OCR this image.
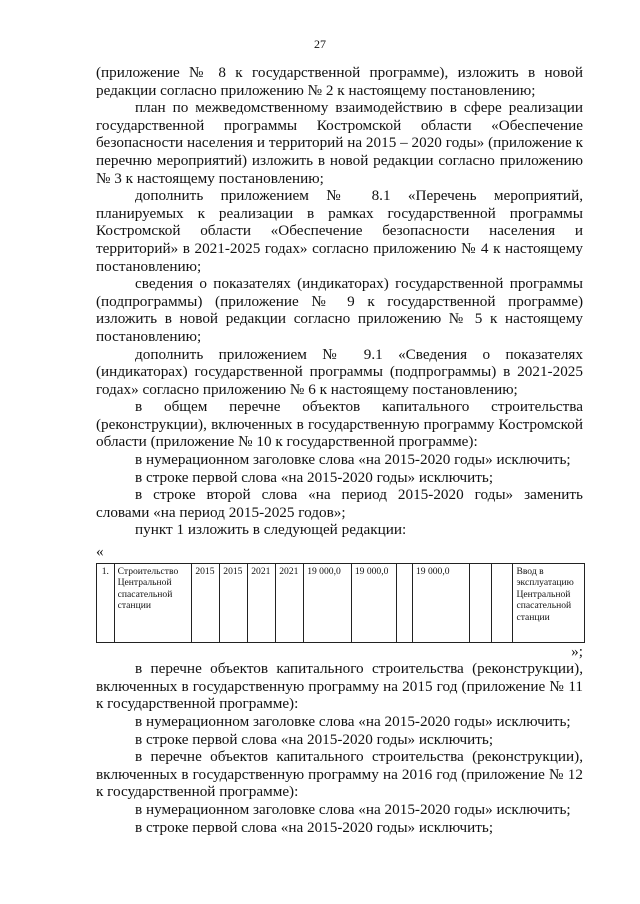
27

(приложение № 8 к государственной программе), изложить в новой редакции согласно приложению № 2 к настоящему постановлению;

план по межведомственному взаимодействию в сфере реализации государственной программы Костромской области «Обеспечение безопасности населения и территорий на 2015 – 2020 годы» (приложение к перечню мероприятий) изложить в новой редакции согласно приложению № 3 к настоящему постановлению;

дополнить приложением № 8.1 «Перечень мероприятий, планируемых к реализации в рамках государственной программы Костромской области «Обеспечение безопасности населения и территорий» в 2021-2025 годах» согласно приложению № 4 к настоящему постановлению;

сведения о показателях (индикаторах) государственной программы (подпрограммы) (приложение № 9 к государственной программе) изложить в новой редакции согласно приложению № 5 к настоящему постановлению;

дополнить приложением № 9.1 «Сведения о показателях (индикаторах) государственной программы (подпрограммы) в 2021-2025 годах» согласно приложению № 6 к настоящему постановлению;

в общем перечне объектов капитального строительства (реконструкции), включенных в государственную программу Костромской области (приложение № 10 к государственной программе):

в нумерационном заголовке слова «на 2015-2020 годы» исключить;

в строке первой слова «на 2015-2020 годы» исключить;

в строке второй слова «на период 2015-2020 годы» заменить словами «на период 2015-2025 годов»;

пункт 1 изложить в следующей редакции:

«

1.	Строительство Центральной спасательной станции	2015	2015	2021	2021	19 000,0	19 000,0		19 000,0			Ввод в эксплуатацию Центральной спасательной станции

»;

в перечне объектов капитального строительства (реконструкции), включенных в государственную программу на 2015 год (приложение № 11 к государственной программе):

в нумерационном заголовке слова «на 2015-2020 годы» исключить;

в строке первой слова «на 2015-2020 годы» исключить;

в перечне объектов капитального строительства (реконструкции), включенных в государственную программу на 2016 год (приложение № 12 к государственной программе):

в нумерационном заголовке слова «на 2015-2020 годы» исключить;

в строке первой слова «на 2015-2020 годы» исключить;
